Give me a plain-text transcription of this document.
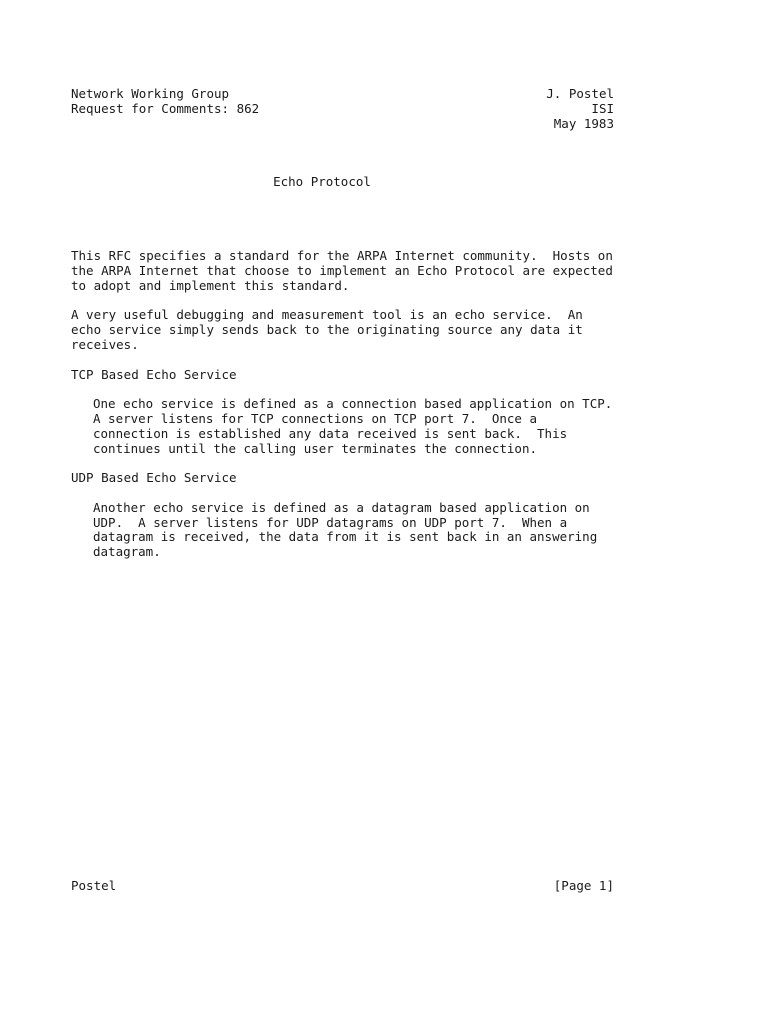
Network Working Group	J. Postel
Request for Comments: 862	ISI
May 1983
Echo Protocol
This RFC specifies a standard for the ARPA Internet community.  Hosts on
the ARPA Internet that choose to implement an Echo Protocol are expected
to adopt and implement this standard.
A very useful debugging and measurement tool is an echo service.  An
echo service simply sends back to the originating source any data it
receives.
TCP Based Echo Service
One echo service is defined as a connection based application on TCP.
A server listens for TCP connections on TCP port 7.  Once a
connection is established any data received is sent back.  This
continues until the calling user terminates the connection.
UDP Based Echo Service
Another echo service is defined as a datagram based application on
UDP.  A server listens for UDP datagrams on UDP port 7.  When a
datagram is received, the data from it is sent back in an answering
datagram.
Postel	[Page 1]
